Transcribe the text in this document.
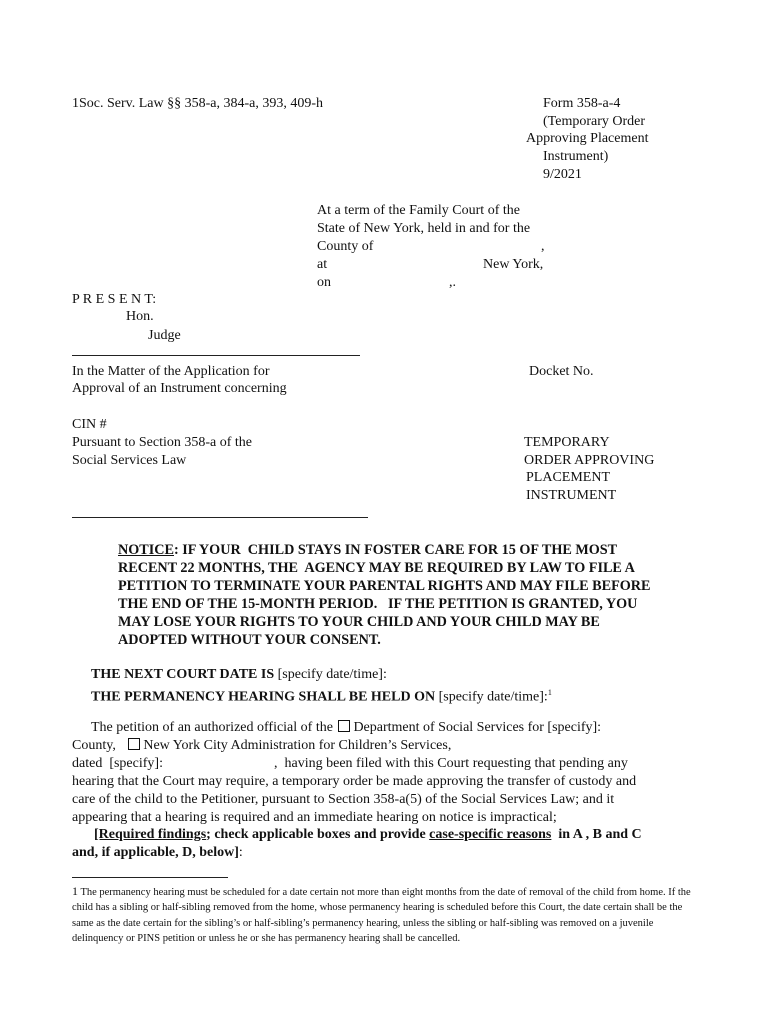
1Soc. Serv. Law §§ 358-a, 384-a, 393, 409-h	Form 358-a-4
(Temporary Order
Approving Placement
Instrument)
9/2021
At a term of the Family Court of the
State of New York, held in and for the
County of	,
at	New York,
on	,.
P R E S E N T:
Hon.
Judge
In the Matter of the Application for
Approval of an Instrument concerning
Docket No.
CIN #
Pursuant to Section 358-a of the
Social Services Law
TEMPORARY
ORDER APPROVING
PLACEMENT
INSTRUMENT
NOTICE: IF YOUR  CHILD STAYS IN FOSTER CARE FOR 15 OF THE MOST
RECENT 22 MONTHS, THE  AGENCY MAY BE REQUIRED BY LAW TO FILE A
PETITION TO TERMINATE YOUR PARENTAL RIGHTS AND MAY FILE BEFORE
THE END OF THE 15-MONTH PERIOD.   IF THE PETITION IS GRANTED, YOU
MAY LOSE YOUR RIGHTS TO YOUR CHILD AND YOUR CHILD MAY BE
ADOPTED WITHOUT YOUR CONSENT.
THE NEXT COURT DATE IS [specify date/time]:
THE PERMANENCY HEARING SHALL BE HELD ON [specify date/time]:$^1$
The petition of an authorized official of the Department of Social Services for [specify]:
County, New York City Administration for Children’s Services,
dated  [specify]:	,  having been filed with this Court requesting that pending any
hearing that the Court may require, a temporary order be made approving the transfer of custody and
care of the child to the Petitioner, pursuant to Section 358-a(5) of the Social Services Law; and it
appearing that a hearing is required and an immediate hearing on notice is impractical;
[Required findings; check applicable boxes and provide case-specific reasons  in A , B and C
and, if applicable, D, below]:
1 The permanency hearing must be scheduled for a date certain not more than eight months from the date of removal of the child from home. If the child has a sibling or half-sibling removed from the home, whose permanency hearing is scheduled before this Court, the date certain shall be the same as the date certain for the sibling’s or half-sibling’s permanency hearing, unless the sibling or half-sibling was removed on a juvenile delinquency or PINS petition or unless he or she has permanency hearing shall be cancelled.
